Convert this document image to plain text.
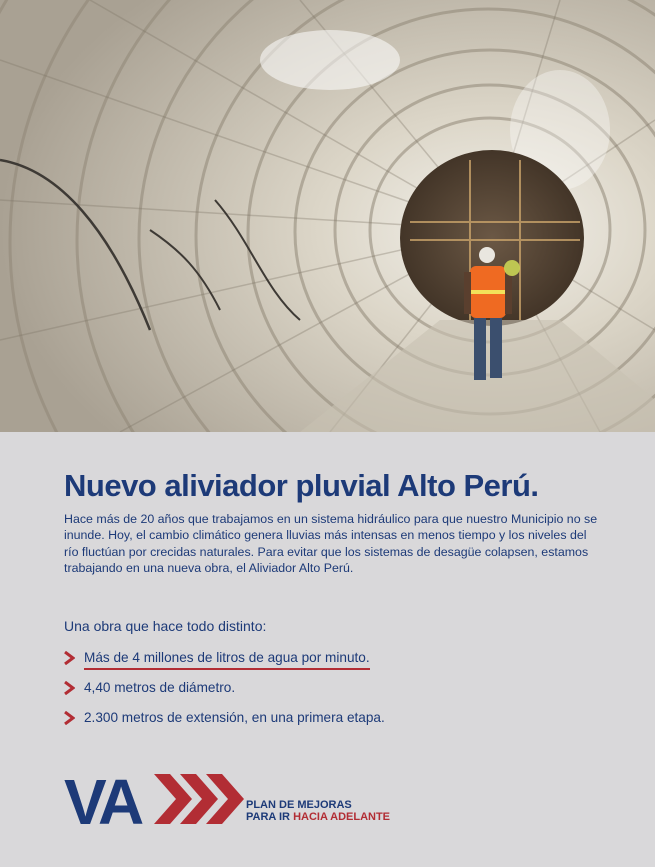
Nuevo aliviador pluvial Alto Perú.

Hace más de 20 años que trabajamos en un sistema hidráulico para que nuestro Municipio no se inunde. Hoy, el cambio climático genera lluvias más intensas en menos tiempo y los niveles del río fluctúan por crecidas naturales. Para evitar que los sistemas de desagüe colapsen, estamos trabajando en una nueva obra, el Aliviador Alto Perú.

Una obra que hace todo distinto:

Más de 4 millones de litros de agua por minuto.
4,40 metros de diámetro.
2.300 metros de extensión, en una primera etapa.
VA	PLAN DE MEJORAS
PARA IR HACIA ADELANTE
